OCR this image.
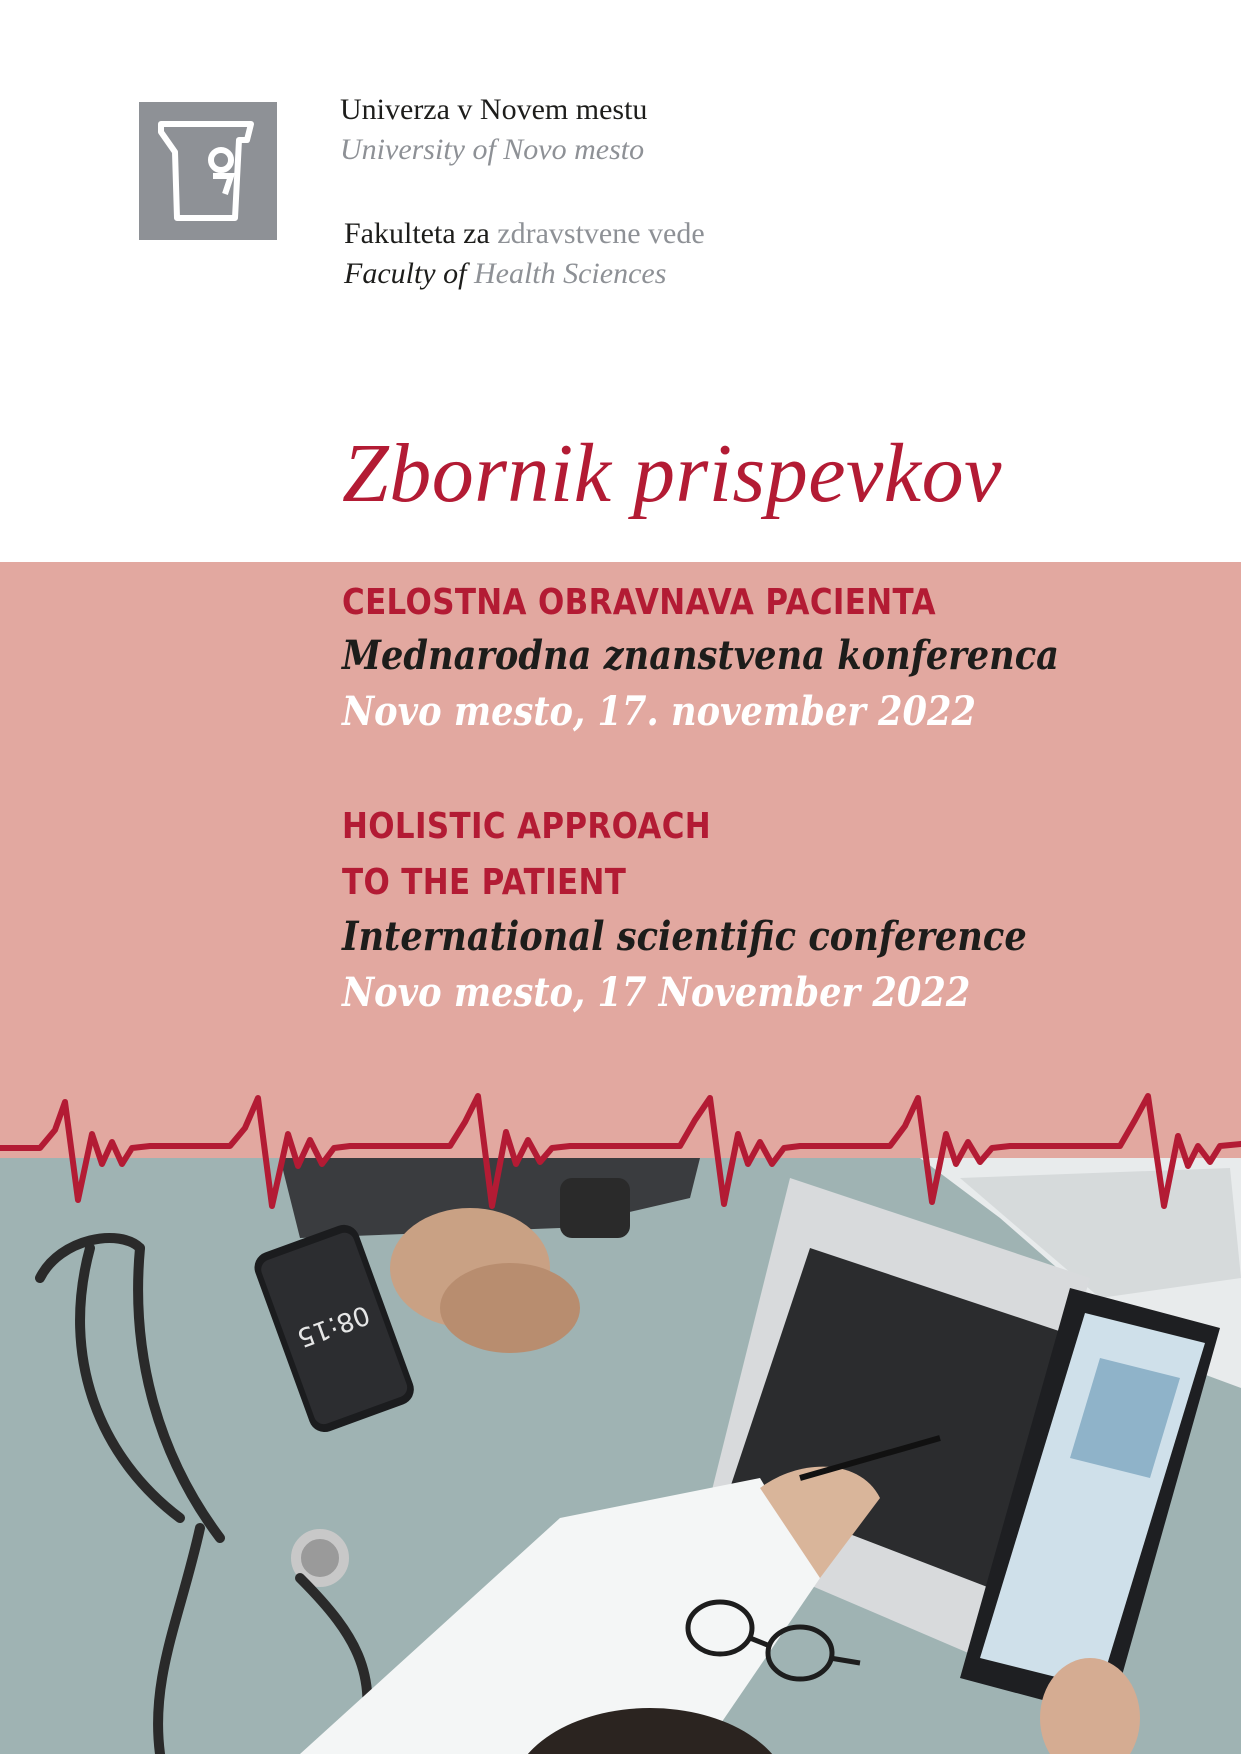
Univerza v Novem mestu
University of Novo mesto
Fakulteta za zdravstvene vede
Faculty of Health Sciences
Zbornik prispevkov
CELOSTNA OBRAVNAVA PACIENTA
Mednarodna znanstvena konferenca
Novo mesto, 17. november 2022
HOLISTIC APPROACH
TO THE PATIENT
International scientific conference
Novo mesto, 17 November 2022
08:15
